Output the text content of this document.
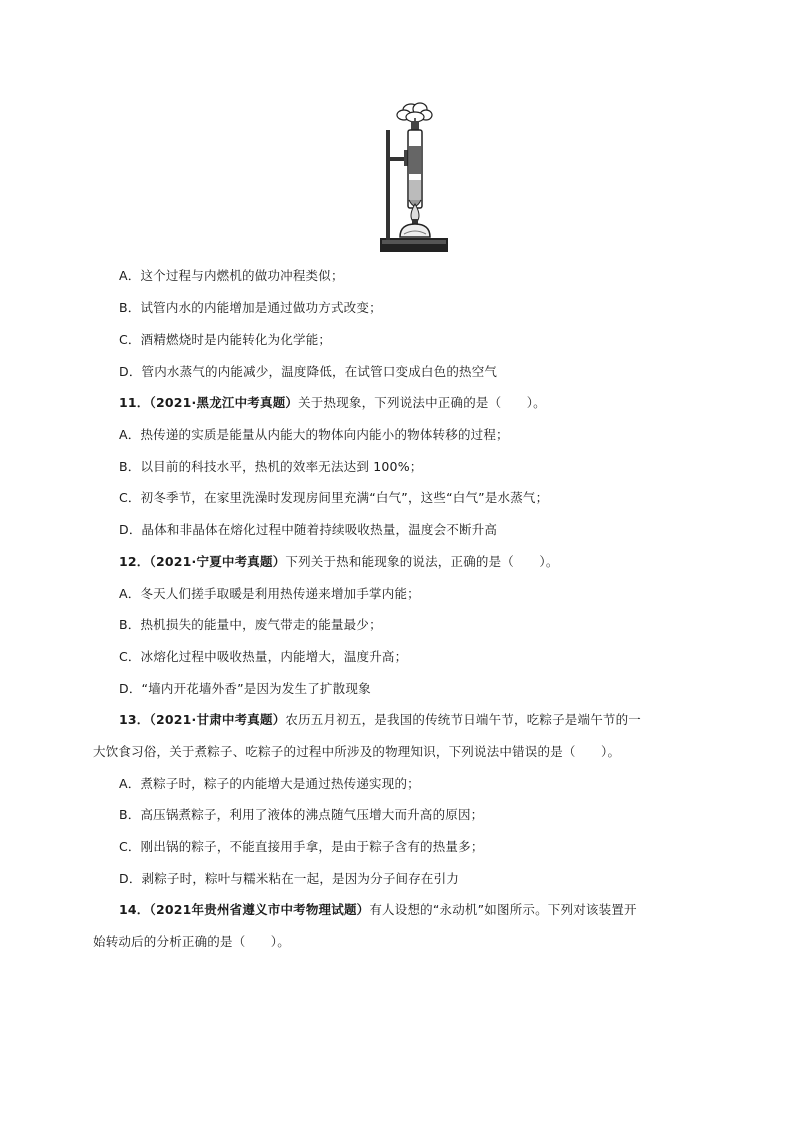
A．这个过程与内燃机的做功冲程类似；
B．试管内水的内能增加是通过做功方式改变；
C．酒精燃烧时是内能转化为化学能；
D．管内水蒸气的内能减少，温度降低，在试管口变成白色的热空气
11．（2021·黑龙江中考真题）关于热现象，下列说法中正确的是（　　）。
A．热传递的实质是能量从内能大的物体向内能小的物体转移的过程；
B．以目前的科技水平，热机的效率无法达到 100%；
C．初冬季节，在家里洗澡时发现房间里充满“白气”，这些“白气”是水蒸气；
D．晶体和非晶体在熔化过程中随着持续吸收热量，温度会不断升高
12．（2021·宁夏中考真题）下列关于热和能现象的说法，正确的是（　　）。
A．冬天人们搓手取暖是利用热传递来增加手掌内能；
B．热机损失的能量中，废气带走的能量最少；
C．冰熔化过程中吸收热量，内能增大，温度升高；
D．“墙内开花墙外香”是因为发生了扩散现象
13．（2021·甘肃中考真题）农历五月初五，是我国的传统节日端午节，吃粽子是端午节的一
大饮食习俗，关于煮粽子、吃粽子的过程中所涉及的物理知识，下列说法中错误的是（　　）。
A．煮粽子时，粽子的内能增大是通过热传递实现的；
B．高压锅煮粽子，利用了液体的沸点随气压增大而升高的原因；
C．刚出锅的粽子，不能直接用手拿，是由于粽子含有的热量多；
D．剥粽子时，粽叶与糯米粘在一起，是因为分子间存在引力
14．（2021年贵州省遵义市中考物理试题）有人设想的“永动机”如图所示。下列对该装置开
始转动后的分析正确的是（　　）。
